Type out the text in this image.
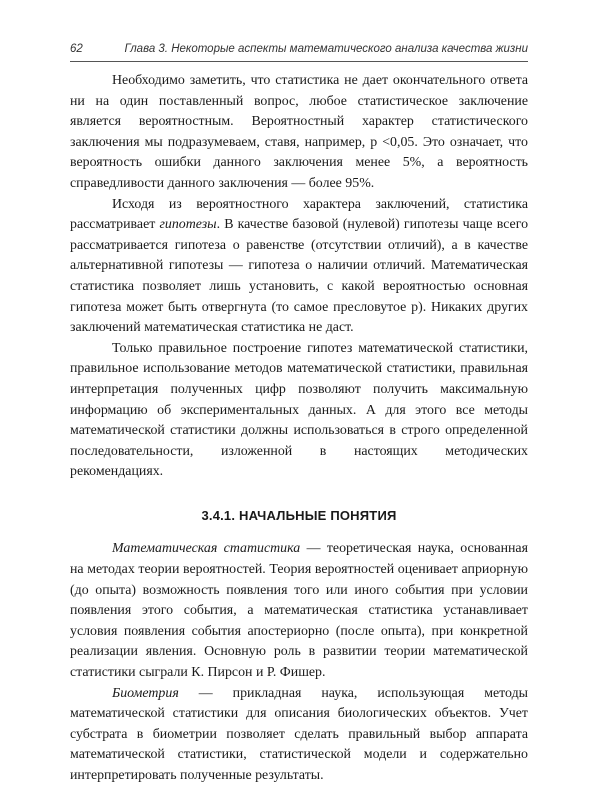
62	Глава 3. Некоторые аспекты математического анализа качества жизни

Необходимо заметить, что статистика не дает окончательного ответа ни на один поставленный вопрос, любое статистическое заключение является вероятностным. Вероятностный характер статистического заключения мы подразумеваем, ставя, например, p <0,05. Это означает, что вероятность ошибки данного заключения менее 5%, а вероятность справедливости данного заключения — более 95%.

Исходя из вероятностного характера заключений, статистика рассматривает гипотезы. В качестве базовой (нулевой) гипотезы чаще всего рассматривается гипотеза о равенстве (отсутствии отличий), а в качестве альтернативной гипотезы — гипотеза о наличии отличий. Математическая статистика позволяет лишь установить, с какой вероятностью основная гипотеза может быть отвергнута (то самое пресловутое p). Никаких других заключений математическая статистика не даст.

Только правильное построение гипотез математической статистики, правильное использование методов математической статистики, правильная интерпретация полученных цифр позволяют получить максимальную информацию об экспериментальных данных. А для этого все методы математической статистики должны использоваться в строго определенной последовательности, изложенной в настоящих методических рекомендациях.

3.4.1. НАЧАЛЬНЫЕ ПОНЯТИЯ

Математическая статистика — теоретическая наука, основанная на методах теории вероятностей. Теория вероятностей оценивает априорную (до опыта) возможность появления того или иного события при условии появления этого события, а математическая статистика устанавливает условия появления события апостериорно (после опыта), при конкретной реализации явления. Основную роль в развитии теории математической статистики сыграли К. Пирсон и Р. Фишер.

Биометрия — прикладная наука, использующая методы математической статистики для описания биологических объектов. Учет субстрата в биометрии позволяет сделать правильный выбор аппарата математической статистики, статистической модели и содержательно интерпретировать полученные результаты.
